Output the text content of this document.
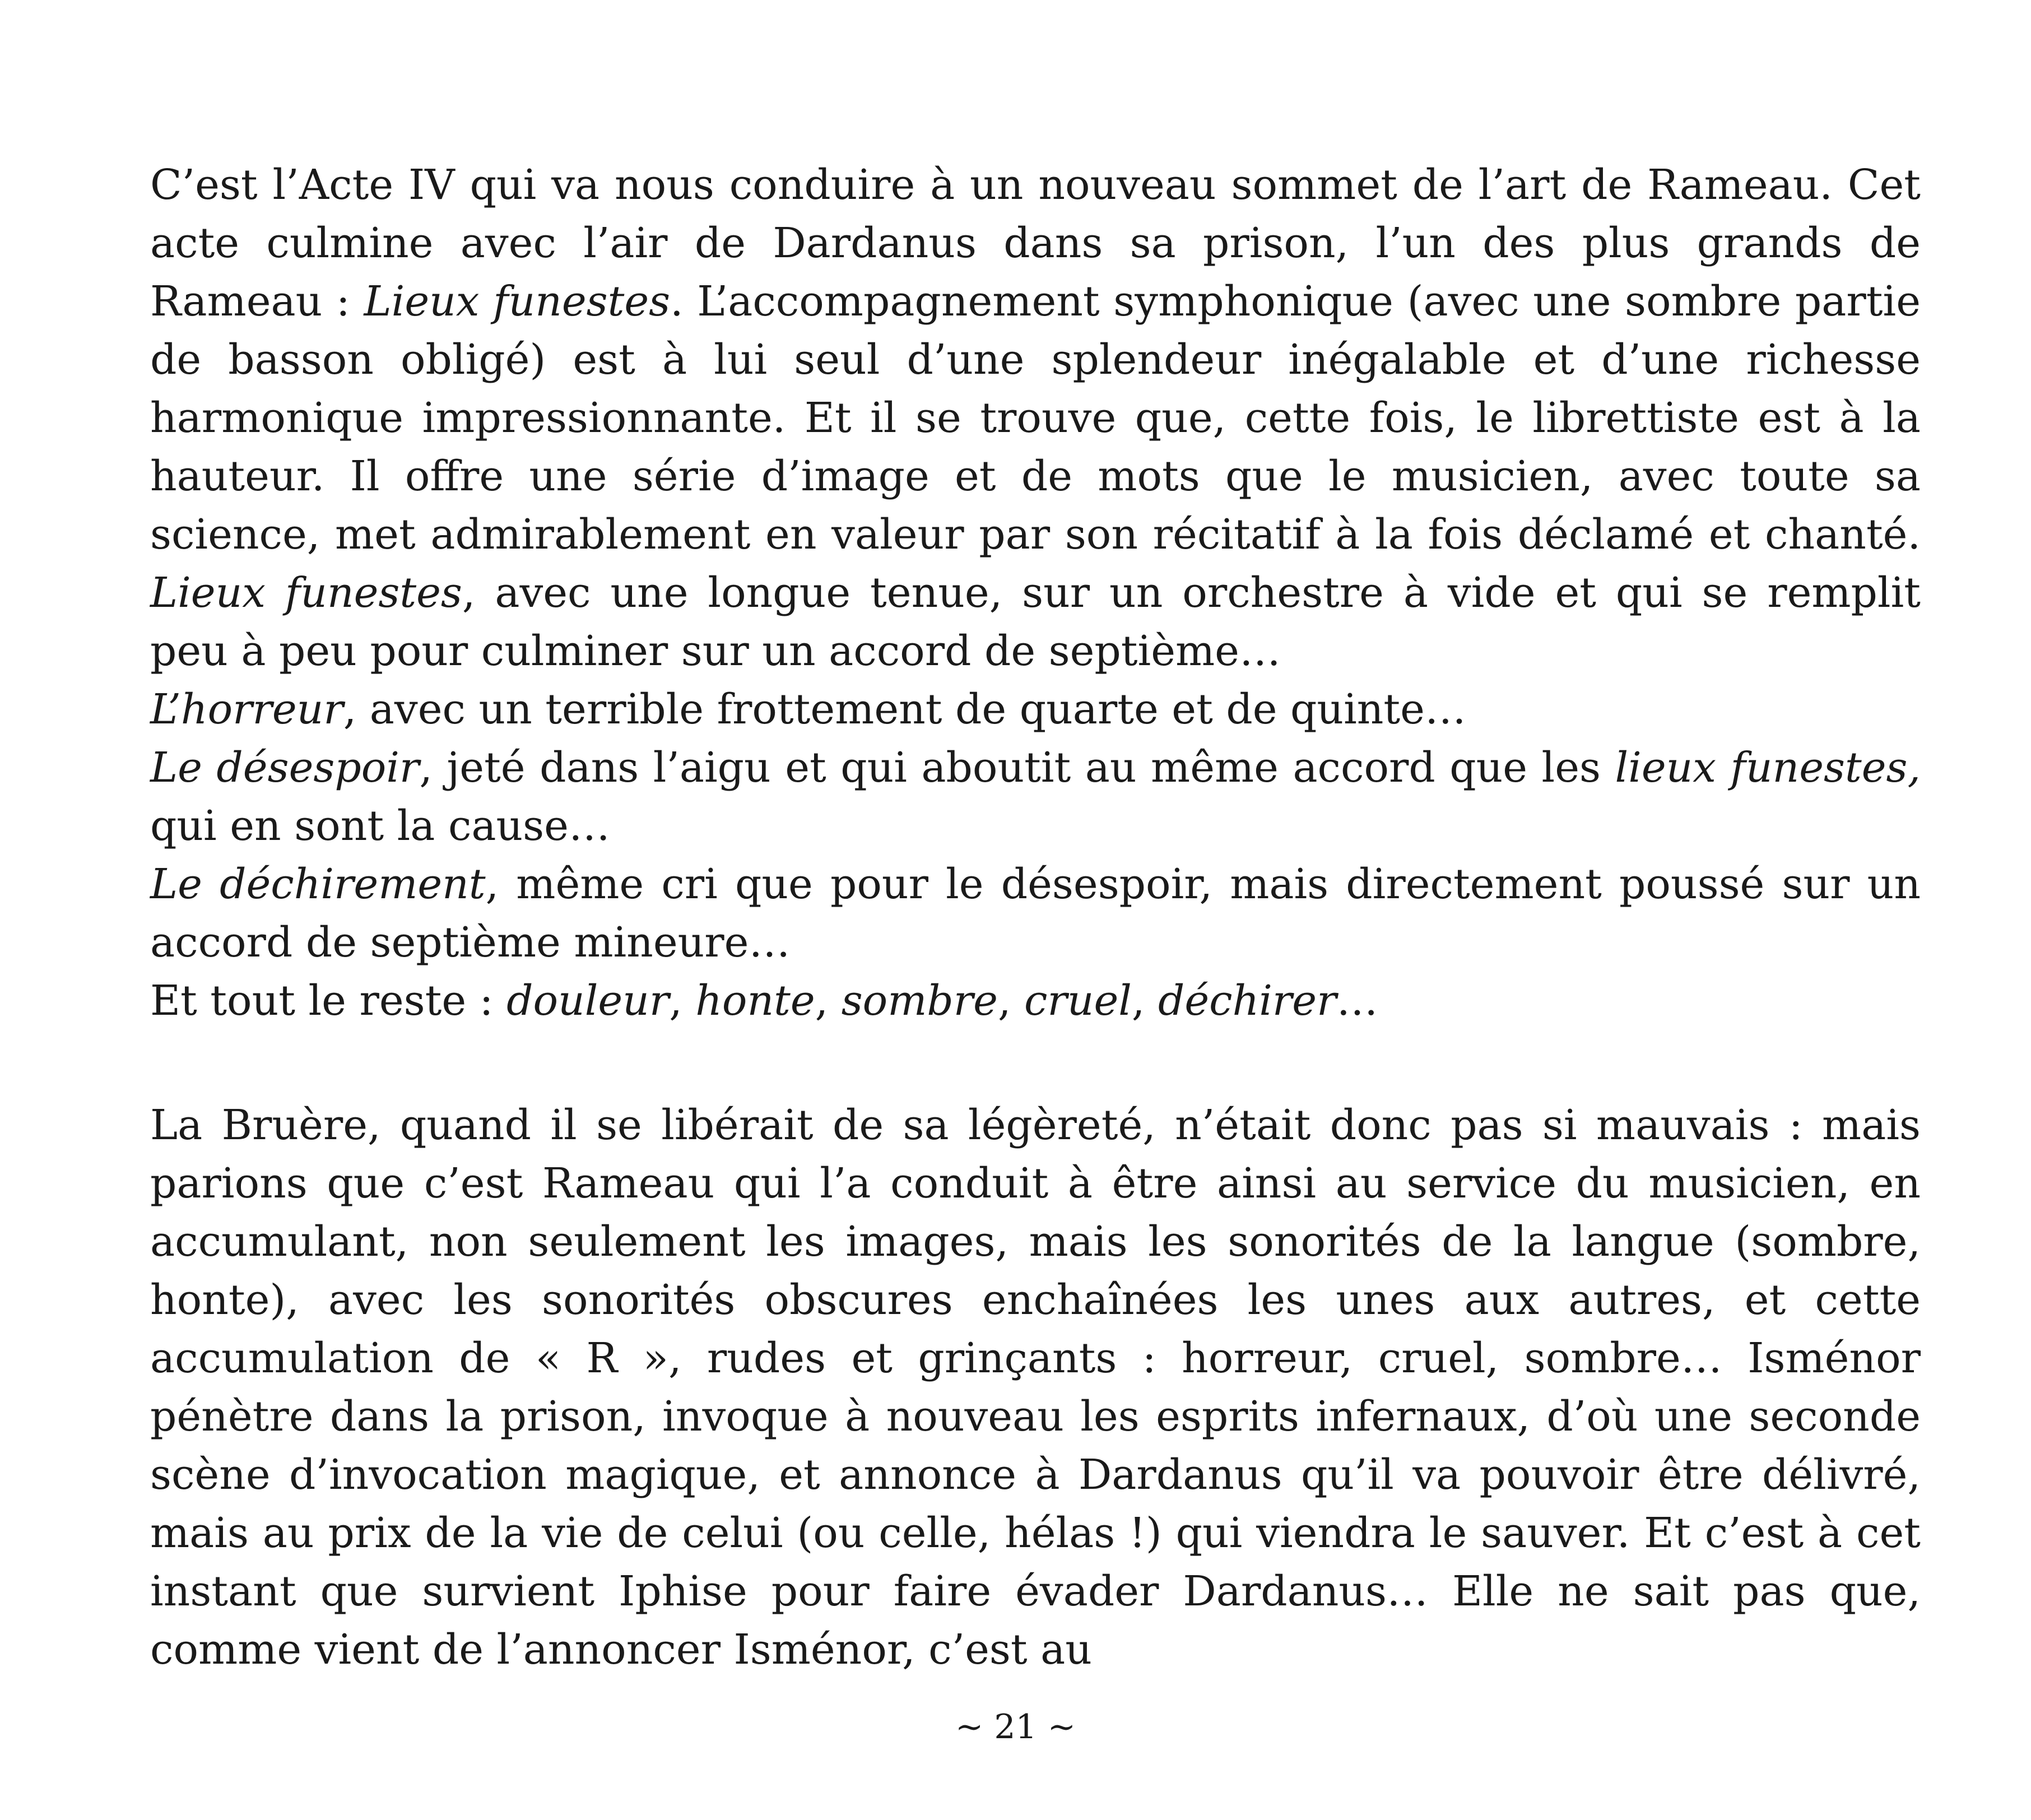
C’est l’Acte IV qui va nous conduire à un nouveau sommet de l’art de Rameau. Cet acte culmine avec l’air de Dardanus dans sa prison, l’un des plus grands de Rameau : Lieux funestes. L’accompagnement symphonique (avec une sombre partie de basson obligé) est à lui seul d’une splendeur inégalable et d’une richesse harmonique impressionnante. Et il se trouve que, cette fois, le librettiste est à la hauteur. Il offre une série d’image et de mots que le musicien, avec toute sa science, met admirablement en valeur par son récitatif à la fois déclamé et chanté. Lieux funestes, avec une longue tenue, sur un orchestre à vide et qui se remplit peu à peu pour culminer sur un accord de septième…

L’horreur, avec un terrible frottement de quarte et de quinte…

Le désespoir, jeté dans l’aigu et qui aboutit au même accord que les lieux funestes, qui en sont la cause…

Le déchirement, même cri que pour le désespoir, mais directement poussé sur un accord de septième mineure…

Et tout le reste : douleur, honte, sombre, cruel, déchirer…

La Bruère, quand il se libérait de sa légèreté, n’était donc pas si mauvais : mais parions que c’est Rameau qui l’a conduit à être ainsi au service du musicien, en accumulant, non seulement les images, mais les sonorités de la langue (sombre, honte), avec les sonorités obscures enchaînées les unes aux autres, et cette accumulation de « R », rudes et grinçants : horreur, cruel, sombre… Isménor pénètre dans la prison, invoque à nouveau les esprits infernaux, d’où une seconde scène d’invocation magique, et annonce à Dardanus qu’il va pouvoir être délivré, mais au prix de la vie de celui (ou celle, hélas !) qui viendra le sauver. Et c’est à cet instant que survient Iphise pour faire évader Dardanus… Elle ne sait pas que, comme vient de l’annoncer Isménor, c’est au

~ 21 ~
